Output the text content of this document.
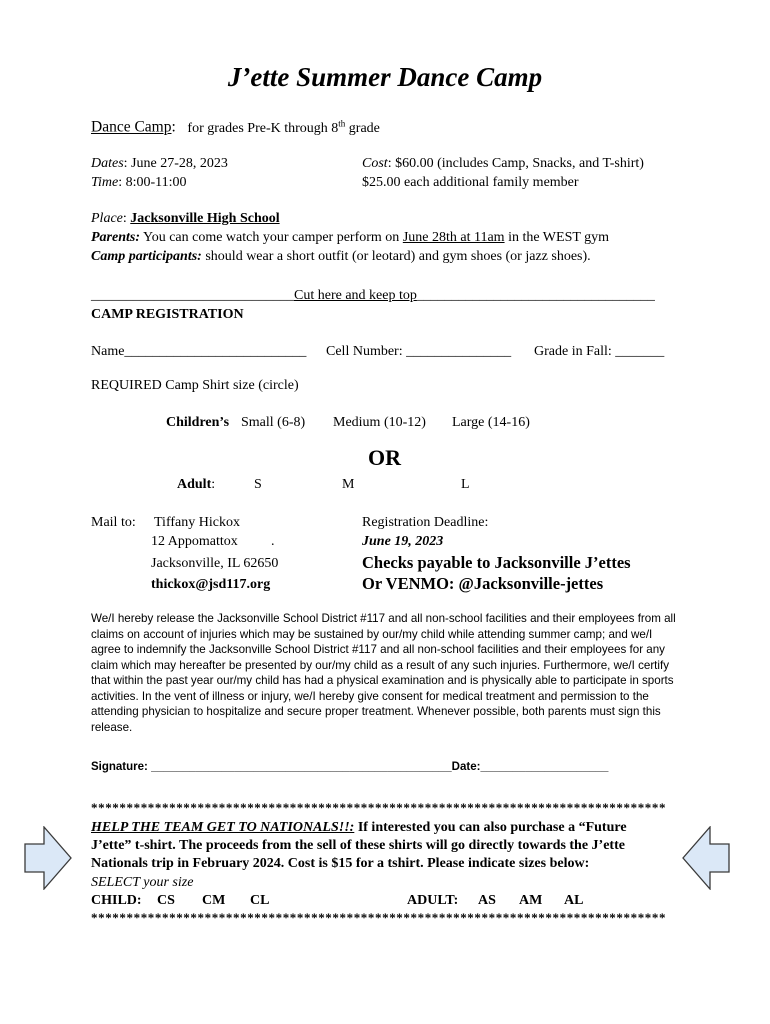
J’ette Summer Dance Camp
Dance Camp: for grades Pre-K through 8th grade
Dates: June 27-28, 2023
Time: 8:00-11:00
Cost: $60.00 (includes Camp, Snacks, and T-shirt)
$25.00 each additional family member
Place: Jacksonville High School
Parents: You can come watch your camper perform on June 28th at 11am in the WEST gym
Camp participants: should wear a short outfit (or leotard) and gym shoes (or jazz shoes).
_____________________________Cut here and keep top__________________________________
CAMP REGISTRATION
Name__________________________ Cell Number: _______________ Grade in Fall: _______
REQUIRED Camp Shirt size (circle)
Children’s Small (6-8) Medium (10-12) Large (14-16)
OR
Adult:	S	M	L
Mail to: Tiffany Hickox
12 Appomattox .
Jacksonville, IL 62650
thickox@jsd117.org
Registration Deadline:
June 19, 2023
Checks payable to Jacksonville J’ettes
Or VENMO: @Jacksonville-jettes
We/I hereby release the Jacksonville School District #117 and all non-school facilities and their employees from all claims on account of injuries which may be sustained by our/my child while attending summer camp; and we/I agree to indemnify the Jacksonville School District #117 and all non-school facilities and their employees for any claim which may hereafter be presented by our/my child as a result of any such injuries. Furthermore, we/I certify that within the past year our/my child has had a physical examination and is physically able to participate in sports activities. In the vent of illness or injury, we/I hereby give consent for medical treatment and permission to the attending physician to hospitalize and secure proper treatment. Whenever possible, both parents must sign this release.
Signature: _______________________________________________Date:____________________
*********************************************************************************
HELP THE TEAM GET TO NATIONALS!!: If interested you can also purchase a “Future
J’ette” t-shirt. The proceeds from the sell of these shirts will go directly towards the J’ette
Nationals trip in February 2024. Cost is $15 for a tshirt. Please indicate sizes below:
SELECT your size
CHILD: CS CM CL	ADULT: AS AM AL
*********************************************************************************
